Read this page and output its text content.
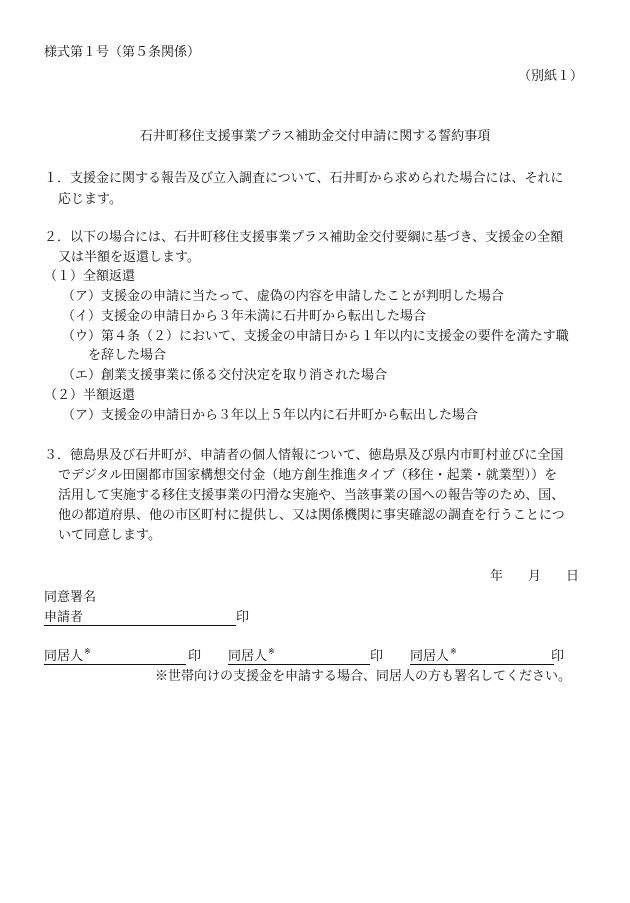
様式第１号（第５条関係）
（別紙１）
石井町移住支援事業プラス補助金交付申請に関する誓約事項
１．支援金に関する報告及び立入調査について、石井町から求められた場合には、それに
応じます。
２．以下の場合には、石井町移住支援事業プラス補助金交付要綱に基づき、支援金の全額
又は半額を返還します。
（１）全額返還
（ア）支援金の申請に当たって、虚偽の内容を申請したことが判明した場合
（イ）支援金の申請日から３年未満に石井町から転出した場合
（ウ）第４条（２）において、支援金の申請日から１年以内に支援金の要件を満たす職
を辞した場合
（エ）創業支援事業に係る交付決定を取り消された場合
（２）半額返還
（ア）支援金の申請日から３年以上５年以内に石井町から転出した場合
３．徳島県及び石井町が、申請者の個人情報について、徳島県及び県内市町村並びに全国
でデジタル田園都市国家構想交付金（地方創生推進タイプ（移住・起業・就業型））を
活用して実施する移住支援事業の円滑な実施や、当該事業の国への報告等のため、国、
他の都道府県、他の市区町村に提供し、又は関係機関に事実確認の調査を行うことにつ
いて同意します。
年 月 日
同意署名
申請者	印
同居人※	印 同居人※	印 同居人※	印
※世帯向けの支援金を申請する場合、同居人の方も署名してください。
